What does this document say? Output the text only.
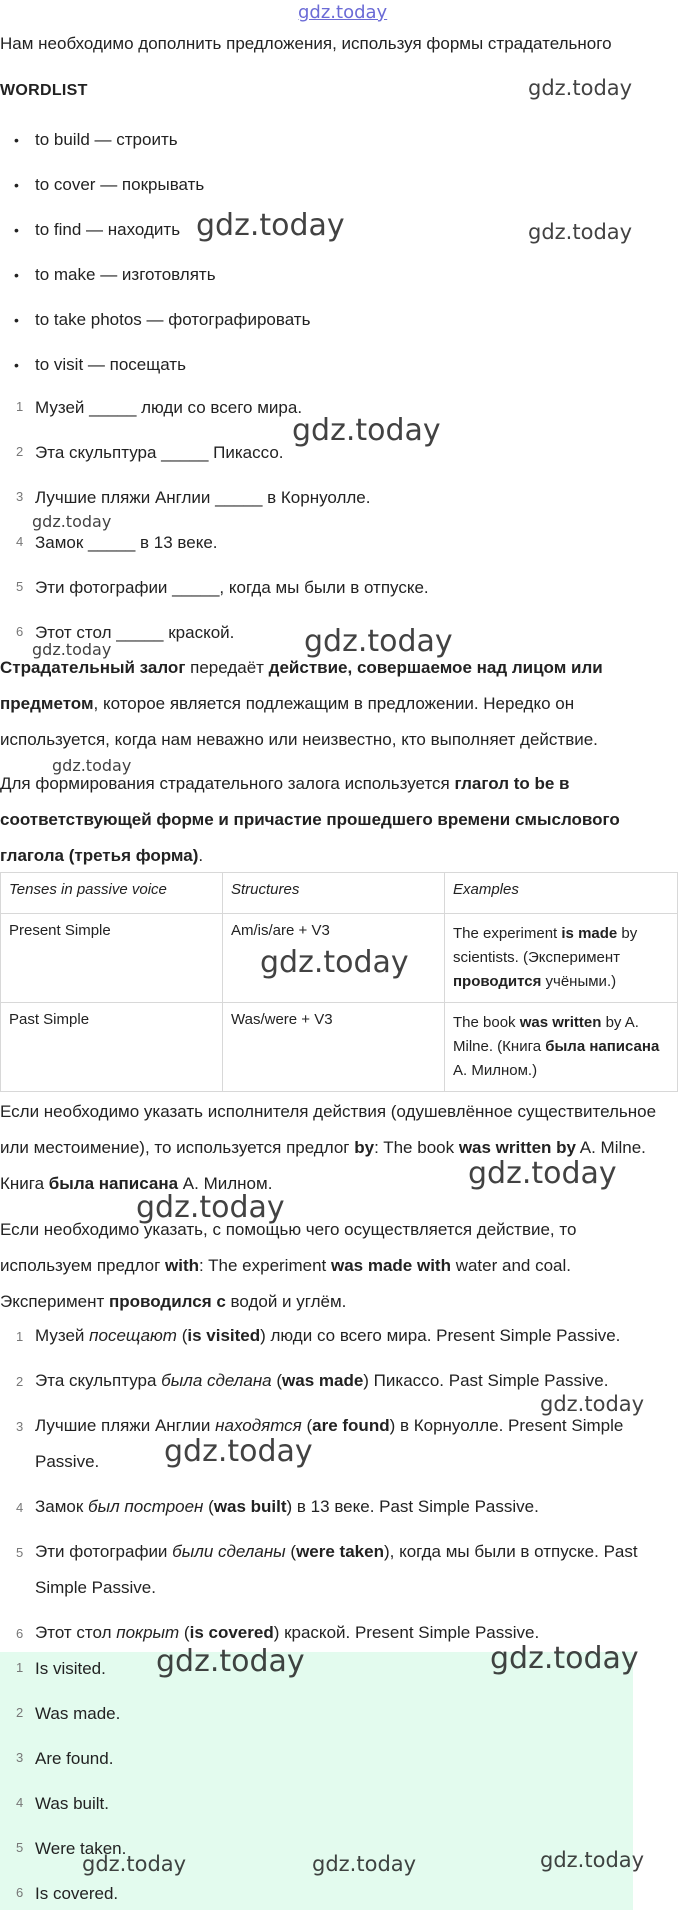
gdz.today
Нам необходимо дополнить предложения, используя формы страдательного
WORDLIST
• to build — строить
• to cover — покрывать
• to find — находить
• to make — изготовлять
• to take photos — фотографировать
• to visit — посещать
1 Музей _____ люди со всего мира.
2 Эта скульптура _____ Пикассо.
3 Лучшие пляжи Англии _____ в Корнуолле.
4 Замок _____ в 13 веке.
5 Эти фотографии _____, когда мы были в отпуске.
6 Этот стол _____ краской.
Страдательный залог передаёт действие, совершаемое над лицом или предметом, которое является подлежащим в предложении. Нередко он используется, когда нам неважно или неизвестно, кто выполняет действие.
Для формирования страдательного залога используется глагол to be в соответствующей форме и причастие прошедшего времени смыслового глагола (третья форма).
Tenses in passive voice	Structures	Examples
Present Simple	Am/is/are + V3	The experiment is made by scientists. (Эксперимент проводится учёными.)
Past Simple	Was/were + V3	The book was written by A. Milne. (Книга была написана А. Милном.)
Если необходимо указать исполнителя действия (одушевлённое существительное или местоимение), то используется предлог by: The book was written by A. Milne. Книга была написана А. Милном.
Если необходимо указать, с помощью чего осуществляется действие, то используем предлог with: The experiment was made with water and coal. Эксперимент проводился с водой и углём.
1 Музей посещают (is visited) люди со всего мира. Present Simple Passive.
2 Эта скульптура была сделана (was made) Пикассо. Past Simple Passive.
3 Лучшие пляжи Англии находятся (are found) в Корнуолле. Present Simple Passive.
4 Замок был построен (was built) в 13 веке. Past Simple Passive.
5 Эти фотографии были сделаны (were taken), когда мы были в отпуске. Past Simple Passive.
6 Этот стол покрыт (is covered) краской. Present Simple Passive.
1 Is visited.
2 Was made.
3 Are found.
4 Was built.
5 Were taken.
6 Is covered.
gdz.today
gdz.today	gdz.today
gdz.today
gdz.today
gdz.today
gdz.today
gdz.today
gdz.today
gdz.today
gdz.today
gdz.today
gdz.today
gdz.today	gdz.today
gdz.today	gdz.today	gdz.today
